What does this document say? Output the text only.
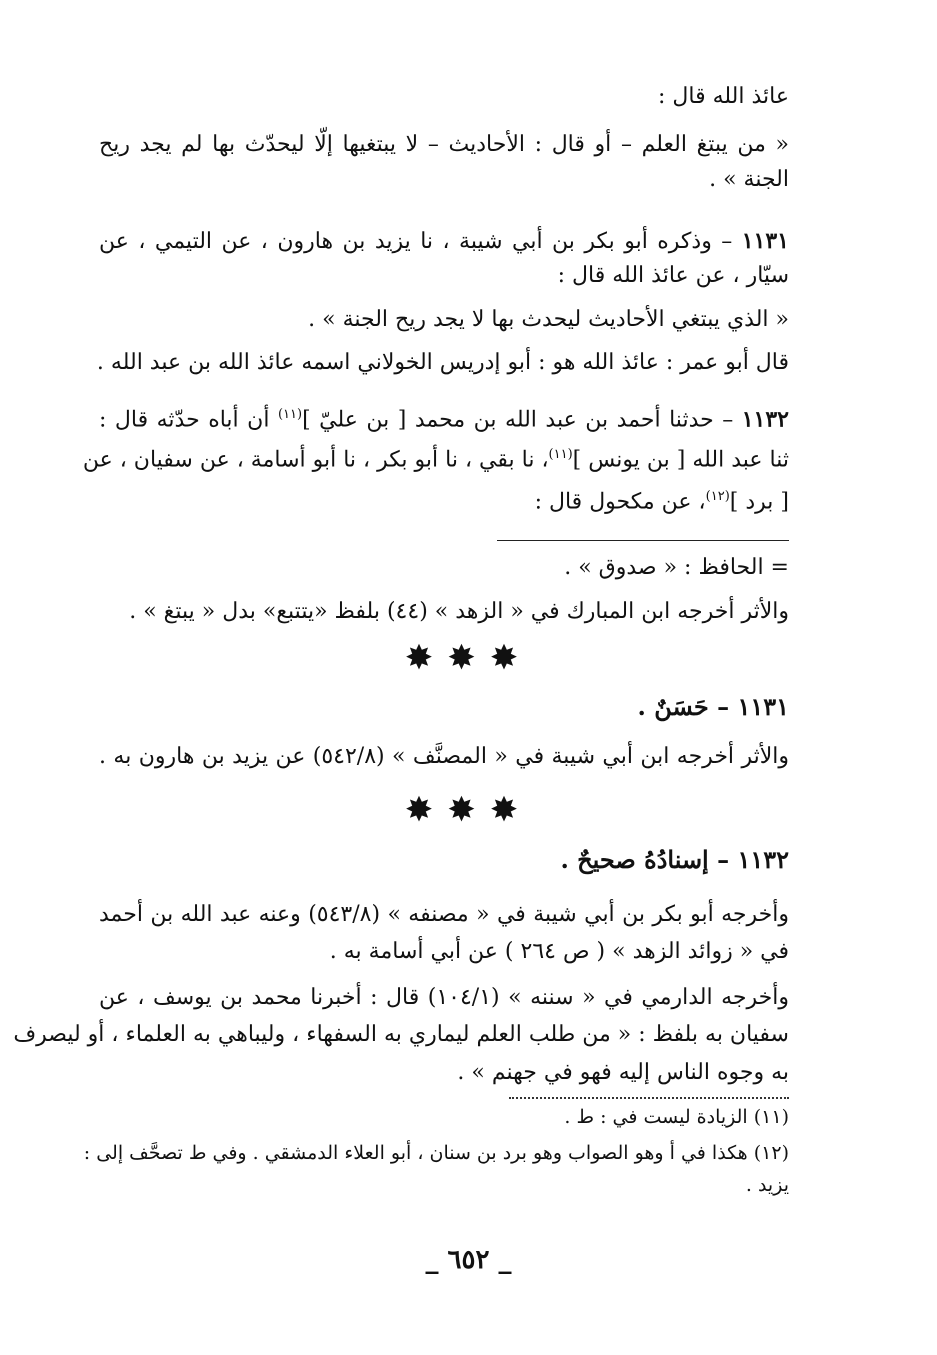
عائذ الله قال :
« من يبتغ العلم – أو قال : الأحاديث – لا يبتغيها إلّا ليحدّث بها لم يجد ريح
الجنة » .
١١٣١ – وذكره أبو بكر بن أبي شيبة ، نا يزيد بن هارون ، عن التيمي ، عن
سيّار ، عن عائذ الله قال :
« الذي يبتغي الأحاديث ليحدث بها لا يجد ريح الجنة » .
قال أبو عمر : عائذ الله هو : أبو إدريس الخولاني اسمه عائذ الله بن عبد الله .
١١٣٢ – حدثنا أحمد بن عبد الله بن محمد [ بن عليّ ]$^{(١١)}$ أن أباه حدّثه قال :
ثنا عبد الله [ بن يونس ]$^{(١١)}$، نا بقي ، نا أبو بكر ، نا أبو أسامة ، عن سفيان ، عن
[ برد ]$^{(١٢)}$، عن مكحول قال :
= الحافظ : « صدوق » .
والأثر أخرجه ابن المبارك في « الزهد » (٤٤) بلفظ «يتتبع» بدل « يبتغ » .
✸✸✸
١١٣١ – حَسَنٌ .
والأثر أخرجه ابن أبي شيبة في « المصنَّف » (٥٤٢/٨) عن يزيد بن هارون به .
✸✸✸
١١٣٢ – إسنادُهُ صحيحٌ .
وأخرجه أبو بكر بن أبي شيبة في « مصنفه » (٥٤٣/٨) وعنه عبد الله بن أحمد
في « زوائد الزهد » ( ص ٢٦٤ ) عن أبي أسامة به .
وأخرجه الدارمي في « سننه » (١٠٤/١) قال : أخبرنا محمد بن يوسف ، عن
سفيان به بلفظ : « من طلب العلم ليماري به السفهاء ، وليباهي به العلماء ، أو ليصرف
به وجوه الناس إليه فهو في جهنم » .
(١١) الزيادة ليست في : ط .
(١٢) هكذا في أ وهو الصواب وهو برد بن سنان ، أبو العلاء الدمشقي . وفي ط تصحَّف إلى :
يزيد .
_ ٦٥٢ _
